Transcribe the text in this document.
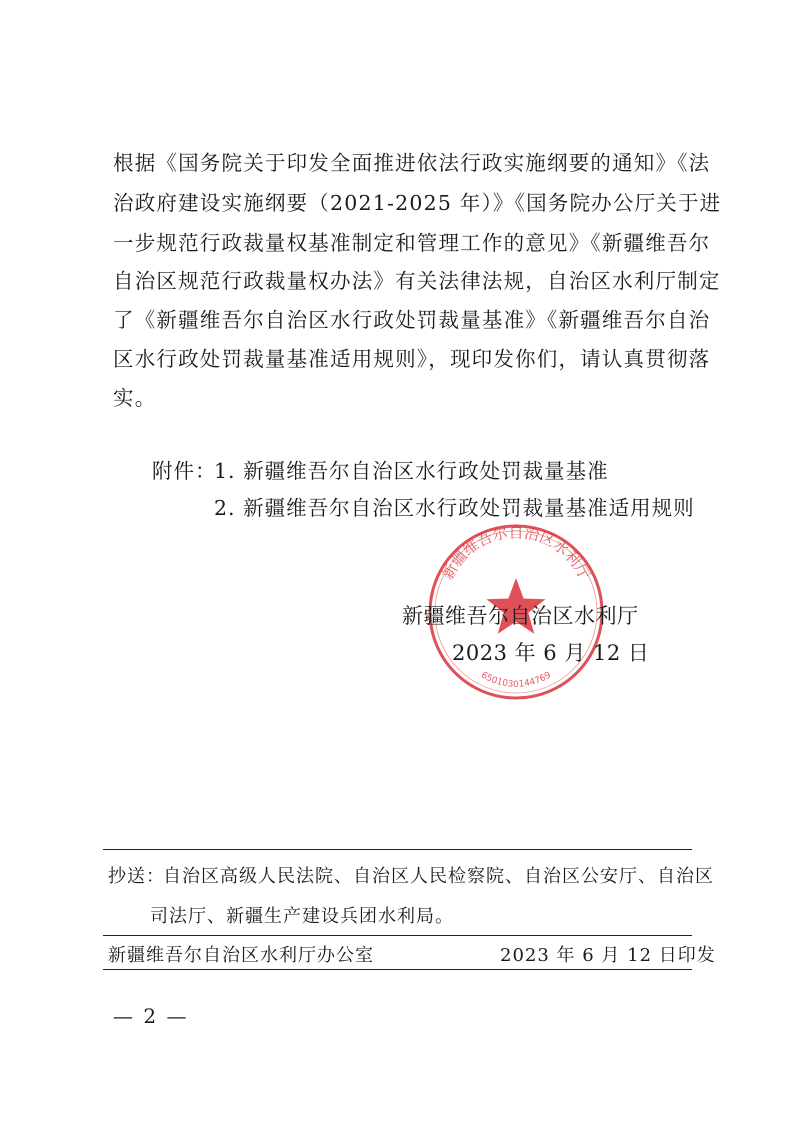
根据《国务院关于印发全面推进依法行政实施纲要的通知》《法
治政府建设实施纲要（2021-2025 年）》《国务院办公厅关于进
一步规范行政裁量权基准制定和管理工作的意见》《新疆维吾尔
自治区规范行政裁量权办法》有关法律法规，自治区水利厅制定
了《新疆维吾尔自治区水行政处罚裁量基准》《新疆维吾尔自治
区水行政处罚裁量基准适用规则》，现印发你们，请认真贯彻落
实。
附件：
1. 新疆维吾尔自治区水行政处罚裁量基准
2. 新疆维吾尔自治区水行政处罚裁量基准适用规则
新疆维吾尔自治区水利厅
6501030144769
新疆维吾尔自治区水利厅
2023 年 6 月 12 日
抄送：
自治区高级人民法院、自治区人民检察院、自治区公安厅、自治区
司法厅、新疆生产建设兵团水利局。
新疆维吾尔自治区水利厅办公室	2023 年 6 月 12 日印发
— 2 —
